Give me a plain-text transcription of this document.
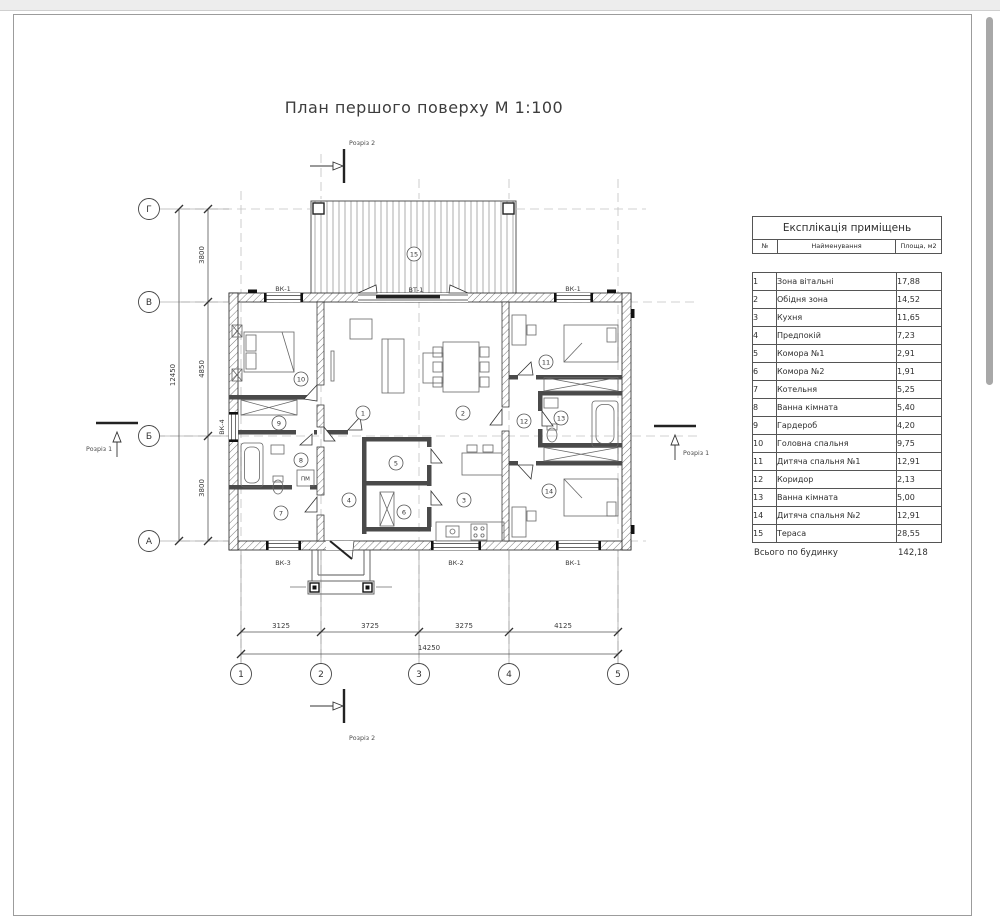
План першого поверху М 1:100
ПМ
3800
4850
3800
12450
3125	3725	3275	4125
14250
Г
В
Б
А
1	2	3	4	5
Розріз 2
Розріз 2
Розріз 1
Розріз 1
ВК-1	ВТ-1	ВК-1
ВК-4
ВК-3	ВК-2	ВК-1
1	2
3
4
5
6
7
8
9
10
11
12	13
14
15
Експлікація приміщень
№	Найменування	Площа, м2
1	Зона вітальні	17,88
2	Обідня зона	14,52
3	Кухня	11,65
4	Предпокій	7,23
5	Комора №1	2,91
6	Комора №2	1,91
7	Котельня	5,25
8	Ванна кімната	5,40
9	Гардероб	4,20
10	Головна спальня	9,75
11	Дитяча спальня №1	12,91
12	Коридор	2,13
13	Ванна кімната	5,00
14	Дитяча спальня №2	12,91
15	Тераса	28,55
Всього по будинку	142,18
